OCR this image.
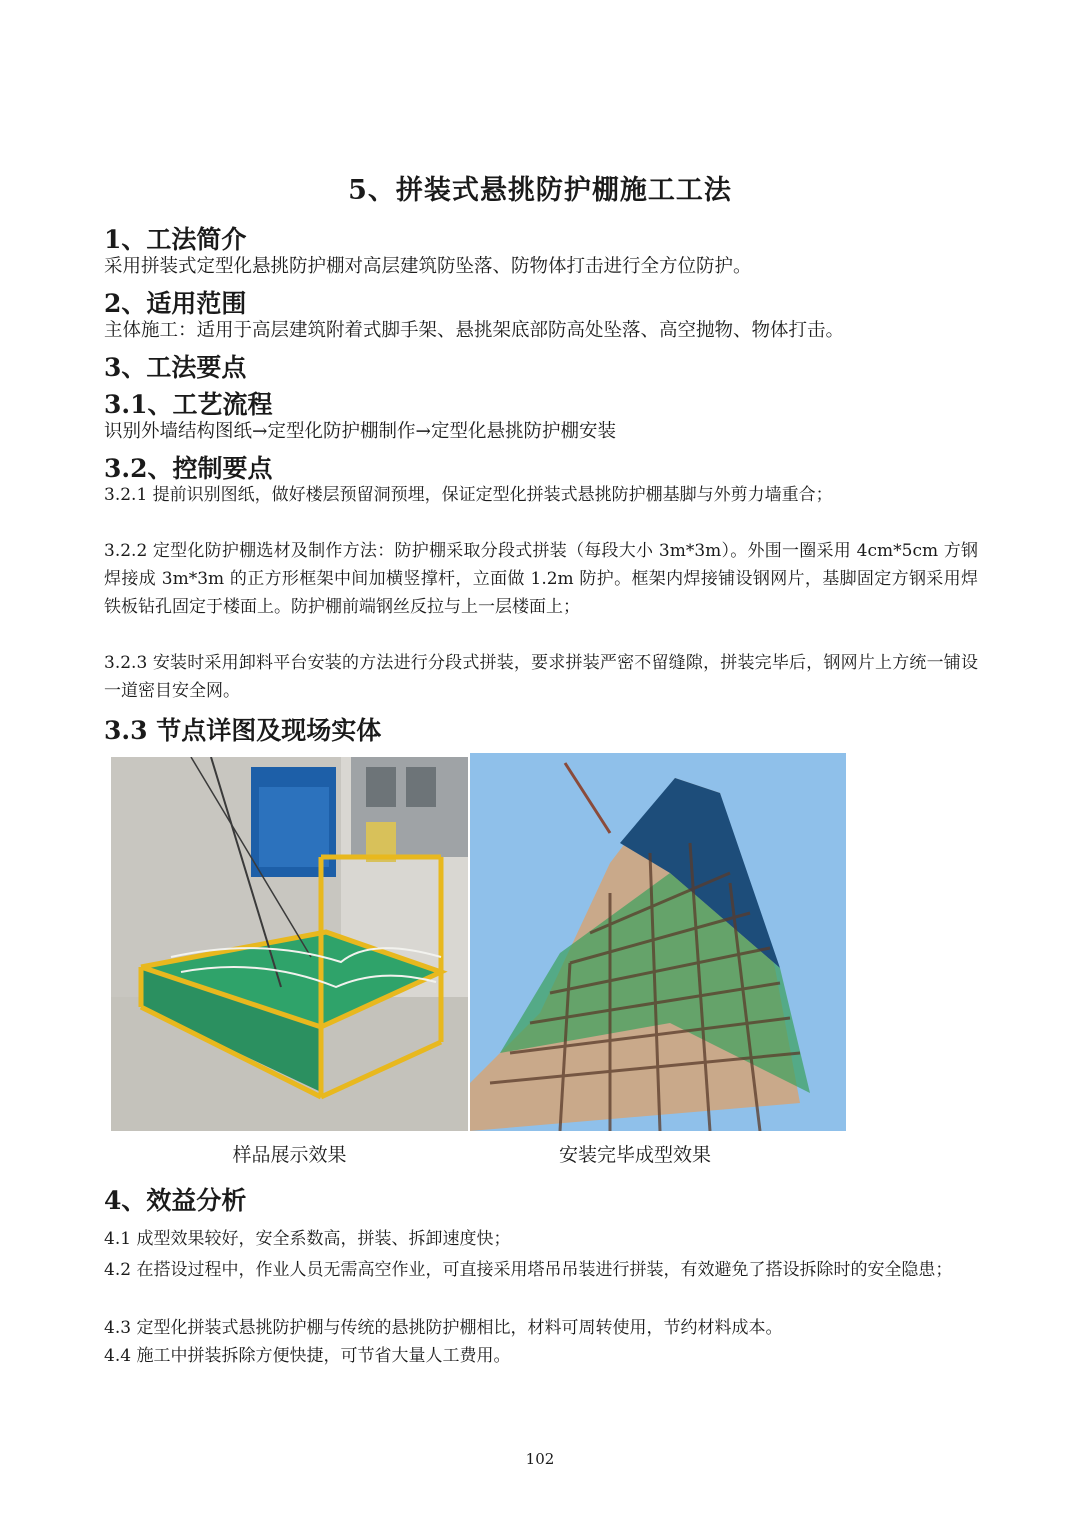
5、拼装式悬挑防护棚施工工法
1、工法简介
采用拼装式定型化悬挑防护棚对高层建筑防坠落、防物体打击进行全方位防护。
2、适用范围
主体施工：适用于高层建筑附着式脚手架、悬挑架底部防高处坠落、高空抛物、物体打击。
3、工法要点
3.1、工艺流程
识别外墙结构图纸→定型化防护棚制作→定型化悬挑防护棚安装
3.2、控制要点
3.2.1 提前识别图纸，做好楼层预留洞预埋，保证定型化拼装式悬挑防护棚基脚与外剪力墙重合；
3.2.2 定型化防护棚选材及制作方法：防护棚采取分段式拼装（每段大小 3m*3m）。外围一圈采用 4cm*5cm 方钢焊接成 3m*3m 的正方形框架中间加横竖撑杆，立面做 1.2m 防护。框架内焊接铺设钢网片，基脚固定方钢采用焊铁板钻孔固定于楼面上。防护棚前端钢丝反拉与上一层楼面上；
3.2.3 安装时采用卸料平台安装的方法进行分段式拼装，要求拼装严密不留缝隙，拼装完毕后，钢网片上方统一铺设一道密目安全网。
3.3 节点详图及现场实体
样品展示效果	安装完毕成型效果
4、效益分析
4.1 成型效果较好，安全系数高，拼装、拆卸速度快；
4.2 在搭设过程中，作业人员无需高空作业，可直接采用塔吊吊装进行拼装，有效避免了搭设拆除时的安全隐患；
4.3 定型化拼装式悬挑防护棚与传统的悬挑防护棚相比，材料可周转使用，节约材料成本。
4.4 施工中拼装拆除方便快捷，可节省大量人工费用。
102
